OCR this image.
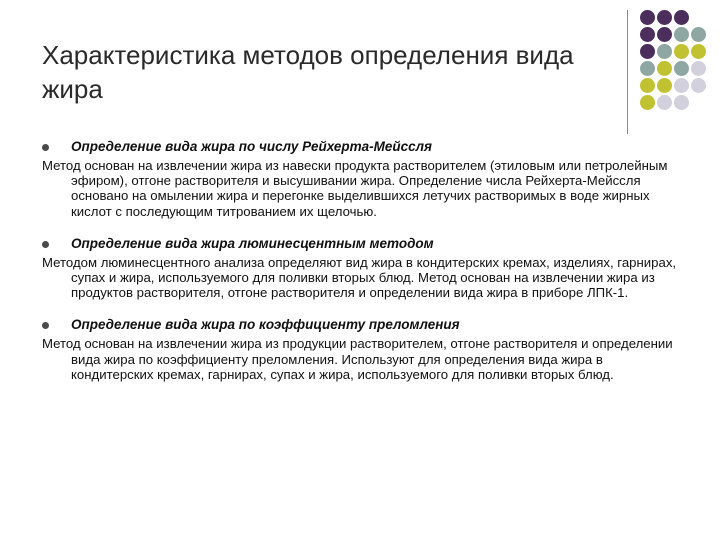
Характеристика методов определения вида жира
Определение вида жира по числу Рейхерта-Мейссля
Метод основан на извлечении жира из навески продукта растворителем (этиловым или петролейным эфиром), отгоне растворителя и высушивании жира. Определение числа Рейхерта-Мейссля основано на омылении жира и перегонке выделившихся летучих растворимых в воде жирных кислот с последующим титрованием их щелочью.
Определение вида жира люминесцентным методом
Методом люминесцентного анализа определяют вид жира в кондитерских кремах, изделиях, гарнирах, супах и жира, используемого для поливки вторых блюд. Метод основан на извлечении жира из продуктов растворителя, отгоне растворителя и определении вида жира в приборе ЛПК-1.
Определение вида жира по коэффициенту преломления
Метод основан на извлечении жира из продукции растворителем, отгоне растворителя и определении вида жира по коэффициенту преломления. Используют для определения вида жира в кондитерских кремах, гарнирах, супах и жира, используемого для поливки вторых блюд.
